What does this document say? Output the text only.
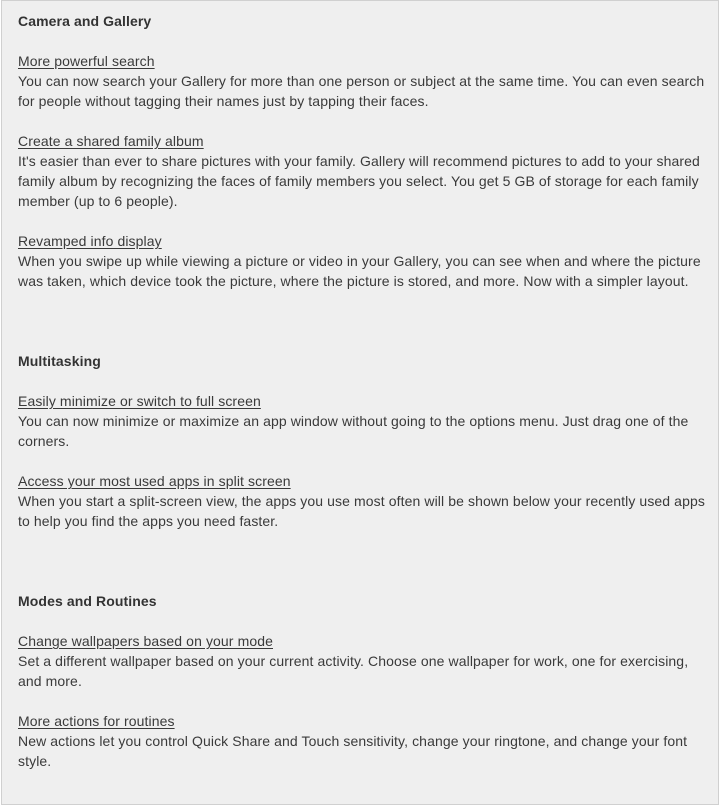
Camera and Gallery
More powerful search

You can now search your Gallery for more than one person or subject at the same time. You can even search for people without tagging their names just by tapping their faces.

Create a shared family album

It's easier than ever to share pictures with your family. Gallery will recommend pictures to add to your shared family album by recognizing the faces of family members you select. You get 5 GB of storage for each family member (up to 6 people).

Revamped info display

When you swipe up while viewing a picture or video in your Gallery, you can see when and where the picture was taken, which device took the picture, where the picture is stored, and more. Now with a simpler layout.

Multitasking
Easily minimize or switch to full screen

You can now minimize or maximize an app window without going to the options menu. Just drag one of the corners.

Access your most used apps in split screen

When you start a split-screen view, the apps you use most often will be shown below your recently used apps to help you find the apps you need faster.

Modes and Routines
Change wallpapers based on your mode

Set a different wallpaper based on your current activity. Choose one wallpaper for work, one for exercising, and more.

More actions for routines

New actions let you control Quick Share and Touch sensitivity, change your ringtone, and change your font style.
